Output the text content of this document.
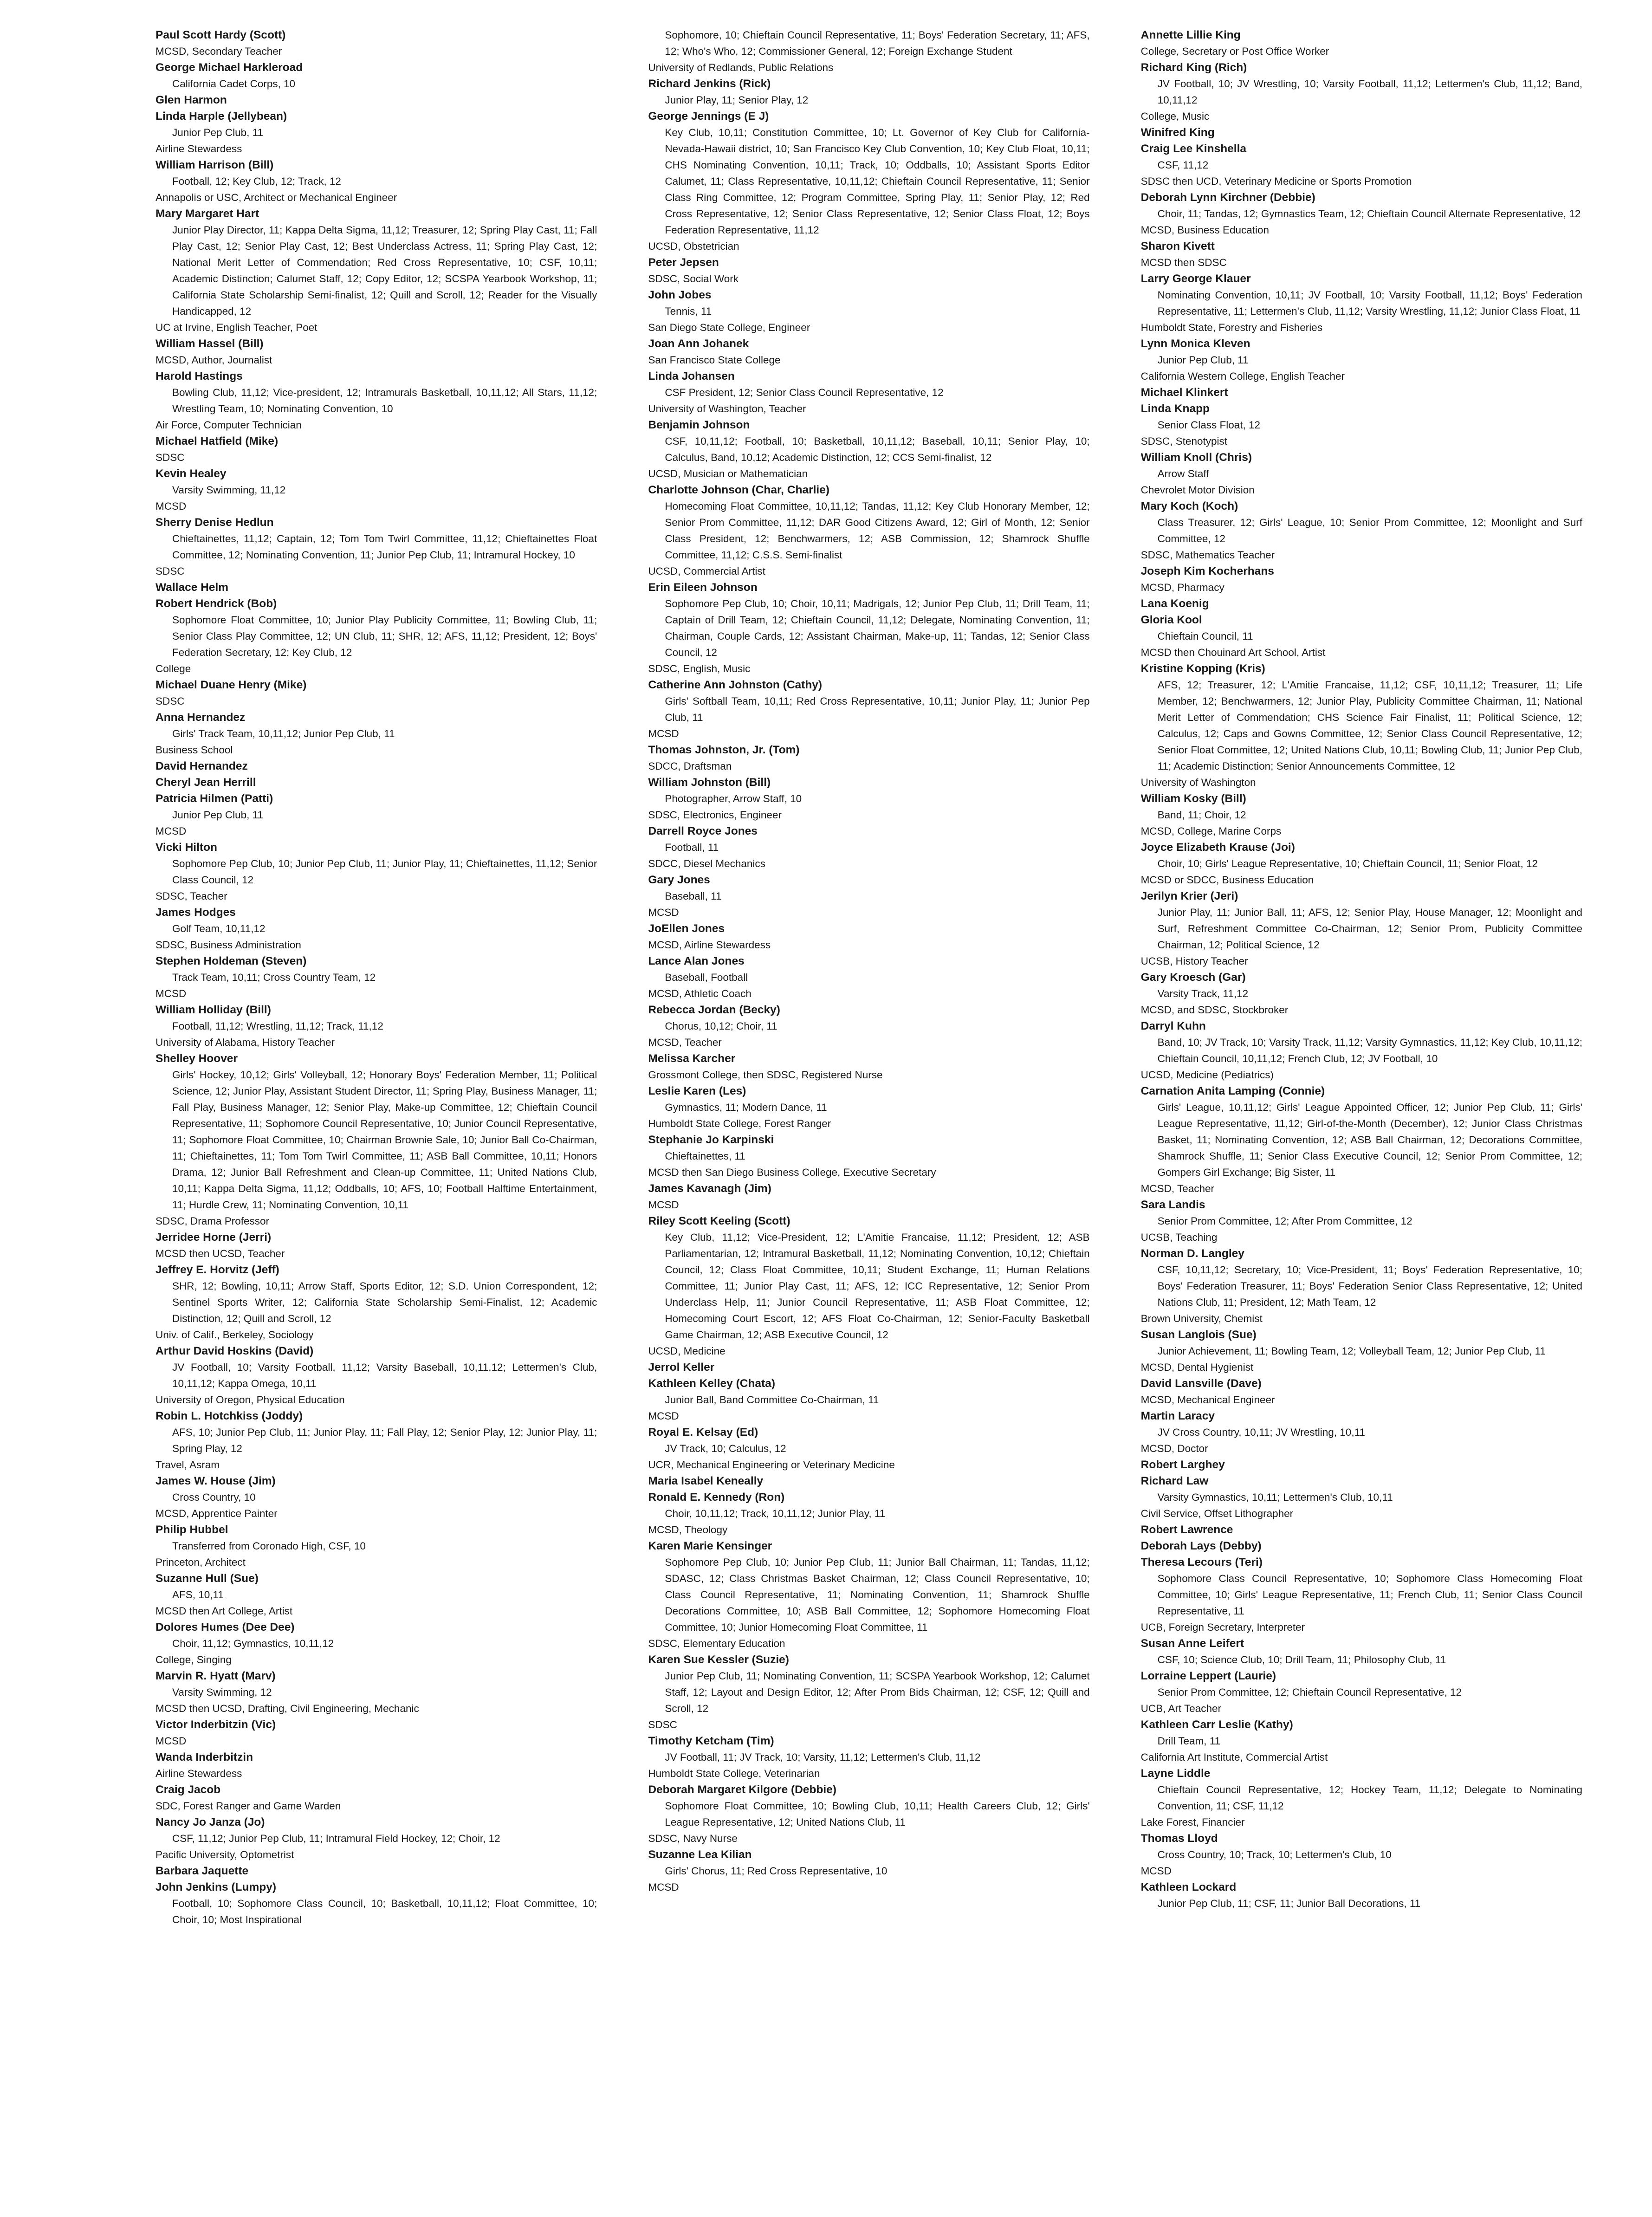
Paul Scott Hardy (Scott)
MCSD, Secondary Teacher
George Michael Harkleroad
California Cadet Corps, 10
Glen Harmon
Linda Harple (Jellybean)
Junior Pep Club, 11
Airline Stewardess
William Harrison (Bill)
Football, 12; Key Club, 12; Track, 12
Annapolis or USC, Architect or Mechanical Engineer
Mary Margaret Hart
Junior Play Director, 11; Kappa Delta Sigma, 11,12; Treasurer, 12; Spring Play Cast, 11; Fall Play Cast, 12; Senior Play Cast, 12; Best Underclass Actress, 11; Spring Play Cast, 12; National Merit Letter of Commendation; Red Cross Representative, 10; CSF, 10,11; Academic Distinction; Calumet Staff, 12; Copy Editor, 12; SCSPA Yearbook Workshop, 11; California State Scholarship Semi-finalist, 12; Quill and Scroll, 12; Reader for the Visually Handicapped, 12
UC at Irvine, English Teacher, Poet
William Hassel (Bill)
MCSD, Author, Journalist
Harold Hastings
Bowling Club, 11,12; Vice-president, 12; Intramurals Basketball, 10,11,12; All Stars, 11,12; Wrestling Team, 10; Nominating Convention, 10
Air Force, Computer Technician
Michael Hatfield (Mike)
SDSC
Kevin Healey
Varsity Swimming, 11,12
MCSD
Sherry Denise Hedlun
Chieftainettes, 11,12; Captain, 12; Tom Tom Twirl Committee, 11,12; Chieftainettes Float Committee, 12; Nominating Convention, 11; Junior Pep Club, 11; Intramural Hockey, 10
SDSC
Wallace Helm
Robert Hendrick (Bob)
Sophomore Float Committee, 10; Junior Play Publicity Committee, 11; Bowling Club, 11; Senior Class Play Committee, 12; UN Club, 11; SHR, 12; AFS, 11,12; President, 12; Boys' Federation Secretary, 12; Key Club, 12
College
Michael Duane Henry (Mike)
SDSC
Anna Hernandez
Girls' Track Team, 10,11,12; Junior Pep Club, 11
Business School
David Hernandez
Cheryl Jean Herrill
Patricia Hilmen (Patti)
Junior Pep Club, 11
MCSD
Vicki Hilton
Sophomore Pep Club, 10; Junior Pep Club, 11; Junior Play, 11; Chieftainettes, 11,12; Senior Class Council, 12
SDSC, Teacher
James Hodges
Golf Team, 10,11,12
SDSC, Business Administration
Stephen Holdeman (Steven)
Track Team, 10,11; Cross Country Team, 12
MCSD
William Holliday (Bill)
Football, 11,12; Wrestling, 11,12; Track, 11,12
University of Alabama, History Teacher
Shelley Hoover
Girls' Hockey, 10,12; Girls' Volleyball, 12; Honorary Boys' Federation Member, 11; Political Science, 12; Junior Play, Assistant Student Director, 11; Spring Play, Business Manager, 11; Fall Play, Business Manager, 12; Senior Play, Make-up Committee, 12; Chieftain Council Representative, 11; Sophomore Council Representative, 10; Junior Council Representative, 11; Sophomore Float Committee, 10; Chairman Brownie Sale, 10; Junior Ball Co-Chairman, 11; Chieftainettes, 11; Tom Tom Twirl Committee, 11; ASB Ball Committee, 10,11; Honors Drama, 12; Junior Ball Refreshment and Clean-up Committee, 11; United Nations Club, 10,11; Kappa Delta Sigma, 11,12; Oddballs, 10; AFS, 10; Football Halftime Entertainment, 11; Hurdle Crew, 11; Nominating Convention, 10,11
SDSC, Drama Professor
Jerridee Horne (Jerri)
MCSD then UCSD, Teacher
Jeffrey E. Horvitz (Jeff)
SHR, 12; Bowling, 10,11; Arrow Staff, Sports Editor, 12; S.D. Union Correspondent, 12; Sentinel Sports Writer, 12; California State Scholarship Semi-Finalist, 12; Academic Distinction, 12; Quill and Scroll, 12
Univ. of Calif., Berkeley, Sociology
Arthur David Hoskins (David)
JV Football, 10; Varsity Football, 11,12; Varsity Baseball, 10,11,12; Lettermen's Club, 10,11,12; Kappa Omega, 10,11
University of Oregon, Physical Education
Robin L. Hotchkiss (Joddy)
AFS, 10; Junior Pep Club, 11; Junior Play, 11; Fall Play, 12; Senior Play, 12; Junior Play, 11; Spring Play, 12
Travel, Asram
James W. House (Jim)
Cross Country, 10
MCSD, Apprentice Painter
Philip Hubbel
Transferred from Coronado High, CSF, 10
Princeton, Architect
Suzanne Hull (Sue)
AFS, 10,11
MCSD then Art College, Artist
Dolores Humes (Dee Dee)
Choir, 11,12; Gymnastics, 10,11,12
College, Singing
Marvin R. Hyatt (Marv)
Varsity Swimming, 12
MCSD then UCSD, Drafting, Civil Engineering, Mechanic
Victor Inderbitzin (Vic)
MCSD
Wanda Inderbitzin
Airline Stewardess
Craig Jacob
SDC, Forest Ranger and Game Warden
Nancy Jo Janza (Jo)
CSF, 11,12; Junior Pep Club, 11; Intramural Field Hockey, 12; Choir, 12
Pacific University, Optometrist
Barbara Jaquette
John Jenkins (Lumpy)
Football, 10; Sophomore Class Council, 10; Basketball, 10,11,12; Float Committee, 10; Choir, 10; Most Inspirational
Sophomore, 10; Chieftain Council Representative, 11; Boys' Federation Secretary, 11; AFS, 12; Who's Who, 12; Commissioner General, 12; Foreign Exchange Student
University of Redlands, Public Relations
Richard Jenkins (Rick)
Junior Play, 11; Senior Play, 12
George Jennings (E J)
Key Club, 10,11; Constitution Committee, 10; Lt. Governor of Key Club for California-Nevada-Hawaii district, 10; San Francisco Key Club Convention, 10; Key Club Float, 10,11; CHS Nominating Convention, 10,11; Track, 10; Oddballs, 10; Assistant Sports Editor Calumet, 11; Class Representative, 10,11,12; Chieftain Council Representative, 11; Senior Class Ring Committee, 12; Program Committee, Spring Play, 11; Senior Play, 12; Red Cross Representative, 12; Senior Class Representative, 12; Senior Class Float, 12; Boys Federation Representative, 11,12
UCSD, Obstetrician
Peter Jepsen
SDSC, Social Work
John Jobes
Tennis, 11
San Diego State College, Engineer
Joan Ann Johanek
San Francisco State College
Linda Johansen
CSF President, 12; Senior Class Council Representative, 12
University of Washington, Teacher
Benjamin Johnson
CSF, 10,11,12; Football, 10; Basketball, 10,11,12; Baseball, 10,11; Senior Play, 10; Calculus, Band, 10,12; Academic Distinction, 12; CCS Semi-finalist, 12
UCSD, Musician or Mathematician
Charlotte Johnson (Char, Charlie)
Homecoming Float Committee, 10,11,12; Tandas, 11,12; Key Club Honorary Member, 12; Senior Prom Committee, 11,12; DAR Good Citizens Award, 12; Girl of Month, 12; Senior Class President, 12; Benchwarmers, 12; ASB Commission, 12; Shamrock Shuffle Committee, 11,12; C.S.S. Semi-finalist
UCSD, Commercial Artist
Erin Eileen Johnson
Sophomore Pep Club, 10; Choir, 10,11; Madrigals, 12; Junior Pep Club, 11; Drill Team, 11; Captain of Drill Team, 12; Chieftain Council, 11,12; Delegate, Nominating Convention, 11; Chairman, Couple Cards, 12; Assistant Chairman, Make-up, 11; Tandas, 12; Senior Class Council, 12
SDSC, English, Music
Catherine Ann Johnston (Cathy)
Girls' Softball Team, 10,11; Red Cross Representative, 10,11; Junior Play, 11; Junior Pep Club, 11
MCSD
Thomas Johnston, Jr. (Tom)
SDCC, Draftsman
William Johnston (Bill)
Photographer, Arrow Staff, 10
SDSC, Electronics, Engineer
Darrell Royce Jones
Football, 11
SDCC, Diesel Mechanics
Gary Jones
Baseball, 11
MCSD
JoEllen Jones
MCSD, Airline Stewardess
Lance Alan Jones
Baseball, Football
MCSD, Athletic Coach
Rebecca Jordan (Becky)
Chorus, 10,12; Choir, 11
MCSD, Teacher
Melissa Karcher
Grossmont College, then SDSC, Registered Nurse
Leslie Karen (Les)
Gymnastics, 11; Modern Dance, 11
Humboldt State College, Forest Ranger
Stephanie Jo Karpinski
Chieftainettes, 11
MCSD then San Diego Business College, Executive Secretary
James Kavanagh (Jim)
MCSD
Riley Scott Keeling (Scott)
Key Club, 11,12; Vice-President, 12; L'Amitie Francaise, 11,12; President, 12; ASB Parliamentarian, 12; Intramural Basketball, 11,12; Nominating Convention, 10,12; Chieftain Council, 12; Class Float Committee, 10,11; Student Exchange, 11; Human Relations Committee, 11; Junior Play Cast, 11; AFS, 12; ICC Representative, 12; Senior Prom Underclass Help, 11; Junior Council Representative, 11; ASB Float Committee, 12; Homecoming Court Escort, 12; AFS Float Co-Chairman, 12; Senior-Faculty Basketball Game Chairman, 12; ASB Executive Council, 12
UCSD, Medicine
Jerrol Keller
Kathleen Kelley (Chata)
Junior Ball, Band Committee Co-Chairman, 11
MCSD
Royal E. Kelsay (Ed)
JV Track, 10; Calculus, 12
UCR, Mechanical Engineering or Veterinary Medicine
Maria Isabel Keneally
Ronald E. Kennedy (Ron)
Choir, 10,11,12; Track, 10,11,12; Junior Play, 11
MCSD, Theology
Karen Marie Kensinger
Sophomore Pep Club, 10; Junior Pep Club, 11; Junior Ball Chairman, 11; Tandas, 11,12; SDASC, 12; Class Christmas Basket Chairman, 12; Class Council Representative, 10; Class Council Representative, 11; Nominating Convention, 11; Shamrock Shuffle Decorations Committee, 10; ASB Ball Committee, 12; Sophomore Homecoming Float Committee, 10; Junior Homecoming Float Committee, 11
SDSC, Elementary Education
Karen Sue Kessler (Suzie)
Junior Pep Club, 11; Nominating Convention, 11; SCSPA Yearbook Workshop, 12; Calumet Staff, 12; Layout and Design Editor, 12; After Prom Bids Chairman, 12; CSF, 12; Quill and Scroll, 12
SDSC
Timothy Ketcham (Tim)
JV Football, 11; JV Track, 10; Varsity, 11,12; Lettermen's Club, 11,12
Humboldt State College, Veterinarian
Deborah Margaret Kilgore (Debbie)
Sophomore Float Committee, 10; Bowling Club, 10,11; Health Careers Club, 12; Girls' League Representative, 12; United Nations Club, 11
SDSC, Navy Nurse
Suzanne Lea Kilian
Girls' Chorus, 11; Red Cross Representative, 10
MCSD
Annette Lillie King
College, Secretary or Post Office Worker
Richard King (Rich)
JV Football, 10; JV Wrestling, 10; Varsity Football, 11,12; Lettermen's Club, 11,12; Band, 10,11,12
College, Music
Winifred King
Craig Lee Kinshella
CSF, 11,12
SDSC then UCD, Veterinary Medicine or Sports Promotion
Deborah Lynn Kirchner (Debbie)
Choir, 11; Tandas, 12; Gymnastics Team, 12; Chieftain Council Alternate Representative, 12
MCSD, Business Education
Sharon Kivett
MCSD then SDSC
Larry George Klauer
Nominating Convention, 10,11; JV Football, 10; Varsity Football, 11,12; Boys' Federation Representative, 11; Lettermen's Club, 11,12; Varsity Wrestling, 11,12; Junior Class Float, 11
Humboldt State, Forestry and Fisheries
Lynn Monica Kleven
Junior Pep Club, 11
California Western College, English Teacher
Michael Klinkert
Linda Knapp
Senior Class Float, 12
SDSC, Stenotypist
William Knoll (Chris)
Arrow Staff
Chevrolet Motor Division
Mary Koch (Koch)
Class Treasurer, 12; Girls' League, 10; Senior Prom Committee, 12; Moonlight and Surf Committee, 12
SDSC, Mathematics Teacher
Joseph Kim Kocherhans
MCSD, Pharmacy
Lana Koenig
Gloria Kool
Chieftain Council, 11
MCSD then Chouinard Art School, Artist
Kristine Kopping (Kris)
AFS, 12; Treasurer, 12; L'Amitie Francaise, 11,12; CSF, 10,11,12; Treasurer, 11; Life Member, 12; Benchwarmers, 12; Junior Play, Publicity Committee Chairman, 11; National Merit Letter of Commendation; CHS Science Fair Finalist, 11; Political Science, 12; Calculus, 12; Caps and Gowns Committee, 12; Senior Class Council Representative, 12; Senior Float Committee, 12; United Nations Club, 10,11; Bowling Club, 11; Junior Pep Club, 11; Academic Distinction; Senior Announcements Committee, 12
University of Washington
William Kosky (Bill)
Band, 11; Choir, 12
MCSD, College, Marine Corps
Joyce Elizabeth Krause (Joi)
Choir, 10; Girls' League Representative, 10; Chieftain Council, 11; Senior Float, 12
MCSD or SDCC, Business Education
Jerilyn Krier (Jeri)
Junior Play, 11; Junior Ball, 11; AFS, 12; Senior Play, House Manager, 12; Moonlight and Surf, Refreshment Committee Co-Chairman, 12; Senior Prom, Publicity Committee Chairman, 12; Political Science, 12
UCSB, History Teacher
Gary Kroesch (Gar)
Varsity Track, 11,12
MCSD, and SDSC, Stockbroker
Darryl Kuhn
Band, 10; JV Track, 10; Varsity Track, 11,12; Varsity Gymnastics, 11,12; Key Club, 10,11,12; Chieftain Council, 10,11,12; French Club, 12; JV Football, 10
UCSD, Medicine (Pediatrics)
Carnation Anita Lamping (Connie)
Girls' League, 10,11,12; Girls' League Appointed Officer, 12; Junior Pep Club, 11; Girls' League Representative, 11,12; Girl-of-the-Month (December), 12; Junior Class Christmas Basket, 11; Nominating Convention, 12; ASB Ball Chairman, 12; Decorations Committee, Shamrock Shuffle, 11; Senior Class Executive Council, 12; Senior Prom Committee, 12; Gompers Girl Exchange; Big Sister, 11
MCSD, Teacher
Sara Landis
Senior Prom Committee, 12; After Prom Committee, 12
UCSB, Teaching
Norman D. Langley
CSF, 10,11,12; Secretary, 10; Vice-President, 11; Boys' Federation Representative, 10; Boys' Federation Treasurer, 11; Boys' Federation Senior Class Representative, 12; United Nations Club, 11; President, 12; Math Team, 12
Brown University, Chemist
Susan Langlois (Sue)
Junior Achievement, 11; Bowling Team, 12; Volleyball Team, 12; Junior Pep Club, 11
MCSD, Dental Hygienist
David Lansville (Dave)
MCSD, Mechanical Engineer
Martin Laracy
JV Cross Country, 10,11; JV Wrestling, 10,11
MCSD, Doctor
Robert Larghey
Richard Law
Varsity Gymnastics, 10,11; Lettermen's Club, 10,11
Civil Service, Offset Lithographer
Robert Lawrence
Deborah Lays (Debby)
Theresa Lecours (Teri)
Sophomore Class Council Representative, 10; Sophomore Class Homecoming Float Committee, 10; Girls' League Representative, 11; French Club, 11; Senior Class Council Representative, 11
UCB, Foreign Secretary, Interpreter
Susan Anne Leifert
CSF, 10; Science Club, 10; Drill Team, 11; Philosophy Club, 11
Lorraine Leppert (Laurie)
Senior Prom Committee, 12; Chieftain Council Representative, 12
UCB, Art Teacher
Kathleen Carr Leslie (Kathy)
Drill Team, 11
California Art Institute, Commercial Artist
Layne Liddle
Chieftain Council Representative, 12; Hockey Team, 11,12; Delegate to Nominating Convention, 11; CSF, 11,12
Lake Forest, Financier
Thomas Lloyd
Cross Country, 10; Track, 10; Lettermen's Club, 10
MCSD
Kathleen Lockard
Junior Pep Club, 11; CSF, 11; Junior Ball Decorations, 11
